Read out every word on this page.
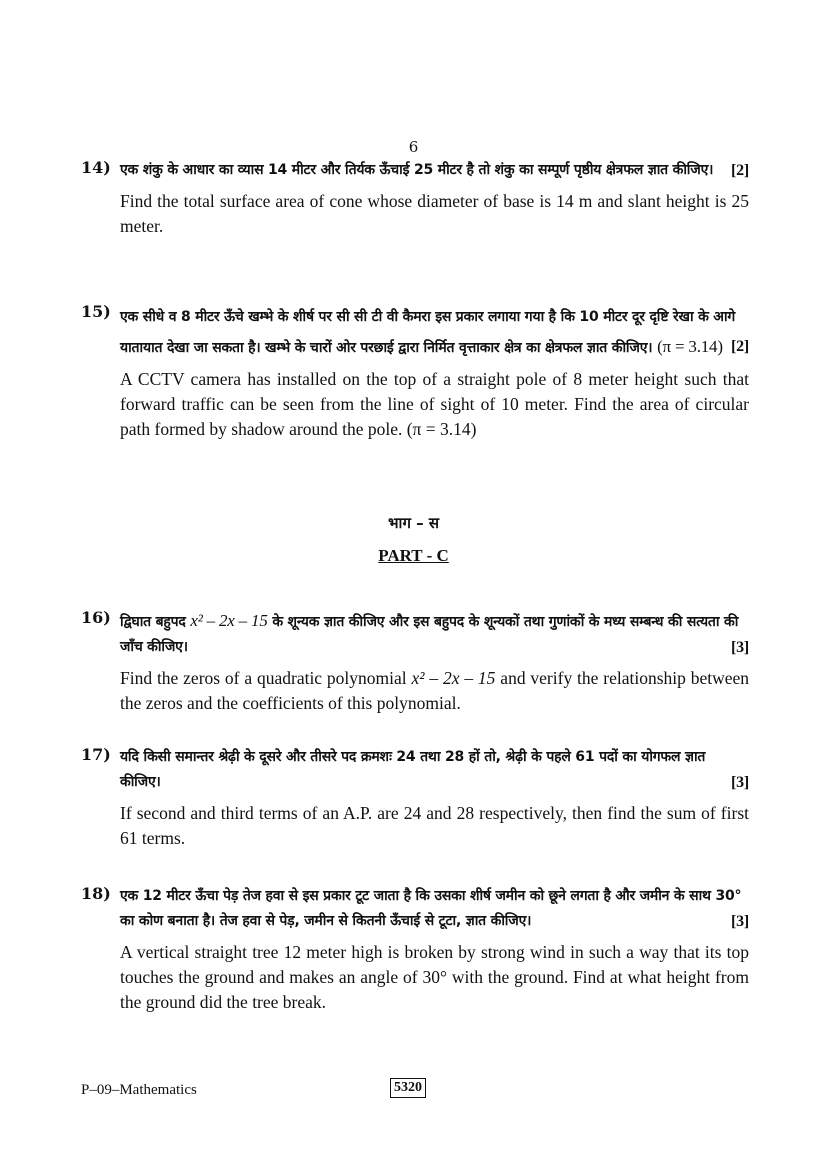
6
14) एक शंकु के आधार का व्यास 14 मीटर और तिर्यक ऊँचाई 25 मीटर है तो शंकु का सम्पूर्ण पृष्ठीय क्षेत्रफल ज्ञात कीजिए। [2]
Find the total surface area of cone whose diameter of base is 14 m and slant height is 25 meter.
15) एक सीधे व 8 मीटर ऊँचे खम्भे के शीर्ष पर सी सी टी वी कैमरा इस प्रकार लगाया गया है कि 10 मीटर दूर दृष्टि रेखा के आगे यातायात देखा जा सकता है। खम्भे के चारों ओर परछाई द्वारा निर्मित वृत्ताकार क्षेत्र का क्षेत्रफल ज्ञात कीजिए। (π = 3.14) [2]
A CCTV camera has installed on the top of a straight pole of 8 meter height such that forward traffic can be seen from the line of sight of 10 meter. Find the area of circular path formed by shadow around the pole. (π = 3.14)
भाग – स
PART - C
16) द्विघात बहुपद x² – 2x – 15 के शून्यक ज्ञात कीजिए और इस बहुपद के शून्यकों तथा गुणांकों के मध्य सम्बन्ध की सत्यता की जाँच कीजिए।	[3]
Find the zeros of a quadratic polynomial x² – 2x – 15 and verify the relationship between the zeros and the coefficients of this polynomial.
17) यदि किसी समान्तर श्रेढ़ी के दूसरे और तीसरे पद क्रमशः 24 तथा 28 हों तो, श्रेढ़ी के पहले 61 पदों का योगफल ज्ञात कीजिए।	[3]
If second and third terms of an A.P. are 24 and 28 respectively, then find the sum of first 61 terms.
18) एक 12 मीटर ऊँचा पेड़ तेज हवा से इस प्रकार टूट जाता है कि उसका शीर्ष जमीन को छूने लगता है और जमीन के साथ 30° का कोण बनाता है। तेज हवा से पेड़, जमीन से कितनी ऊँचाई से टूटा, ज्ञात कीजिए।	[3]
A vertical straight tree 12 meter high is broken by strong wind in such a way that its top touches the ground and makes an angle of 30° with the ground. Find at what height from the ground did the tree break.
P–09–Mathematics	5320
